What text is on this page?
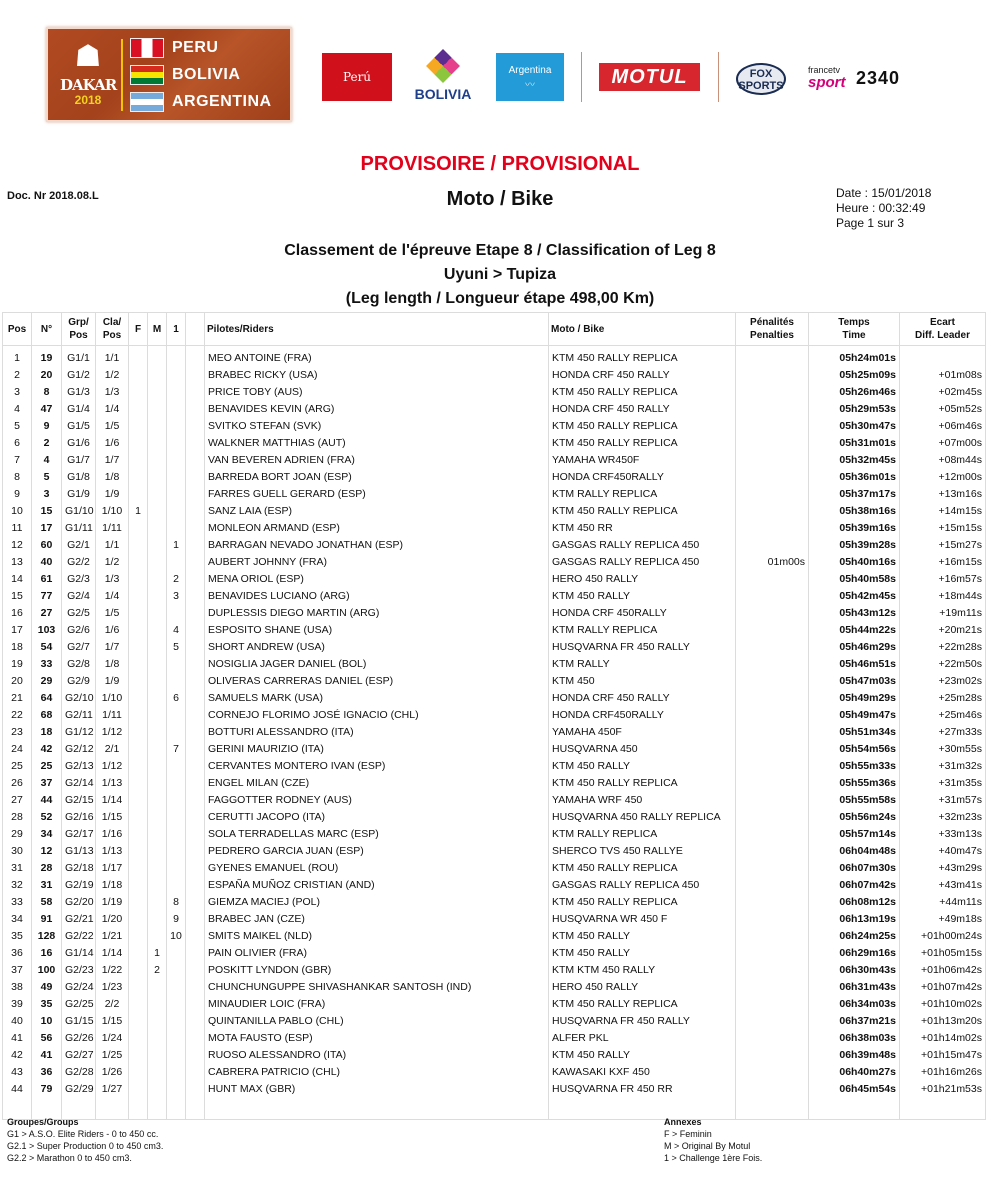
☗
DAKAR
2018
PERU
BOLIVIA
ARGENTINA
Perú
BOLIVIA
Argentina
〰	MOTUL	FOX SPORTS
francetv
sport 2340
PROVISOIRE / PROVISIONAL
Doc. Nr 2018.08.L	Moto / Bike	Date : 15/01/2018
Heure : 00:32:49
Page 1 sur 3
Classement de l'épreuve Etape 8 / Classification of Leg 8
Uyuni > Tupiza
(Leg length / Longueur étape 498,00 Km)
Pos	N°	
Grp/
Pos

Cla/
Pos
	F	M	1		Pilotes/Riders	Moto / Bike	
Pénalités
Penalties

Temps
Time

Ecart
Diff. Leader

1	19	G1/1	1/1					MEO ANTOINE (FRA)	KTM 450 RALLY REPLICA		05h24m01s	
2	20	G1/2	1/2					BRABEC RICKY (USA)	HONDA CRF 450 RALLY		05h25m09s	+01m08s
3	8	G1/3	1/3					PRICE TOBY (AUS)	KTM 450 RALLY REPLICA		05h26m46s	+02m45s
4	47	G1/4	1/4					BENAVIDES KEVIN (ARG)	HONDA CRF 450 RALLY		05h29m53s	+05m52s
5	9	G1/5	1/5					SVITKO STEFAN (SVK)	KTM 450 RALLY REPLICA		05h30m47s	+06m46s
6	2	G1/6	1/6					WALKNER MATTHIAS (AUT)	KTM 450 RALLY REPLICA		05h31m01s	+07m00s
7	4	G1/7	1/7					VAN BEVEREN ADRIEN (FRA)	YAMAHA WR450F		05h32m45s	+08m44s
8	5	G1/8	1/8					BARREDA BORT JOAN (ESP)	HONDA CRF450RALLY		05h36m01s	+12m00s
9	3	G1/9	1/9					FARRES GUELL GERARD (ESP)	KTM RALLY REPLICA		05h37m17s	+13m16s
10	15	G1/10	1/10	1				SANZ LAIA (ESP)	KTM 450 RALLY REPLICA		05h38m16s	+14m15s
11	17	G1/11	1/11					MONLEON ARMAND (ESP)	KTM 450 RR		05h39m16s	+15m15s
12	60	G2/1	1/1			1		BARRAGAN NEVADO JONATHAN (ESP)	GASGAS RALLY REPLICA 450		05h39m28s	+15m27s
13	40	G2/2	1/2					AUBERT JOHNNY (FRA)	GASGAS RALLY REPLICA 450	01m00s	05h40m16s	+16m15s
14	61	G2/3	1/3			2		MENA ORIOL (ESP)	HERO 450 RALLY		05h40m58s	+16m57s
15	77	G2/4	1/4			3		BENAVIDES LUCIANO (ARG)	KTM 450 RALLY		05h42m45s	+18m44s
16	27	G2/5	1/5					DUPLESSIS DIEGO MARTIN (ARG)	HONDA CRF 450RALLY		05h43m12s	+19m11s
17	103	G2/6	1/6			4		ESPOSITO SHANE (USA)	KTM RALLY REPLICA		05h44m22s	+20m21s
18	54	G2/7	1/7			5		SHORT ANDREW (USA)	HUSQVARNA FR 450 RALLY		05h46m29s	+22m28s
19	33	G2/8	1/8					NOSIGLIA JAGER DANIEL (BOL)	KTM RALLY		05h46m51s	+22m50s
20	29	G2/9	1/9					OLIVERAS CARRERAS DANIEL (ESP)	KTM 450		05h47m03s	+23m02s
21	64	G2/10	1/10			6		SAMUELS MARK (USA)	HONDA CRF 450 RALLY		05h49m29s	+25m28s
22	68	G2/11	1/11					CORNEJO FLORIMO JOSÉ IGNACIO (CHL)	HONDA CRF450RALLY		05h49m47s	+25m46s
23	18	G1/12	1/12					BOTTURI ALESSANDRO (ITA)	YAMAHA 450F		05h51m34s	+27m33s
24	42	G2/12	2/1			7		GERINI MAURIZIO (ITA)	HUSQVARNA 450		05h54m56s	+30m55s
25	25	G2/13	1/12					CERVANTES MONTERO IVAN (ESP)	KTM 450 RALLY		05h55m33s	+31m32s
26	37	G2/14	1/13					ENGEL MILAN (CZE)	KTM 450 RALLY REPLICA		05h55m36s	+31m35s
27	44	G2/15	1/14					FAGGOTTER RODNEY (AUS)	YAMAHA WRF 450		05h55m58s	+31m57s
28	52	G2/16	1/15					CERUTTI JACOPO (ITA)	HUSQVARNA 450 RALLY REPLICA		05h56m24s	+32m23s
29	34	G2/17	1/16					SOLA TERRADELLAS MARC (ESP)	KTM RALLY REPLICA		05h57m14s	+33m13s
30	12	G1/13	1/13					PEDRERO GARCIA JUAN (ESP)	SHERCO TVS 450 RALLYE		06h04m48s	+40m47s
31	28	G2/18	1/17					GYENES EMANUEL (ROU)	KTM 450 RALLY REPLICA		06h07m30s	+43m29s
32	31	G2/19	1/18					ESPAÑA MUÑOZ CRISTIAN (AND)	GASGAS RALLY REPLICA 450		06h07m42s	+43m41s
33	58	G2/20	1/19			8		GIEMZA MACIEJ (POL)	KTM 450 RALLY REPLICA		06h08m12s	+44m11s
34	91	G2/21	1/20			9		BRABEC JAN (CZE)	HUSQVARNA WR 450 F		06h13m19s	+49m18s
35	128	G2/22	1/21			10		SMITS MAIKEL (NLD)	KTM 450 RALLY		06h24m25s	+01h00m24s
36	16	G1/14	1/14		1			PAIN OLIVIER (FRA)	KTM 450 RALLY		06h29m16s	+01h05m15s
37	100	G2/23	1/22		2			POSKITT LYNDON (GBR)	KTM KTM 450 RALLY		06h30m43s	+01h06m42s
38	49	G2/24	1/23					CHUNCHUNGUPPE SHIVASHANKAR SANTOSH (IND)	HERO 450 RALLY		06h31m43s	+01h07m42s
39	35	G2/25	2/2					MINAUDIER LOIC (FRA)	KTM 450 RALLY REPLICA		06h34m03s	+01h10m02s
40	10	G1/15	1/15					QUINTANILLA PABLO (CHL)	HUSQVARNA FR 450 RALLY		06h37m21s	+01h13m20s
41	56	G2/26	1/24					MOTA FAUSTO (ESP)	ALFER PKL		06h38m03s	+01h14m02s
42	41	G2/27	1/25					RUOSO ALESSANDRO (ITA)	KTM 450 RALLY		06h39m48s	+01h15m47s
43	36	G2/28	1/26					CABRERA PATRICIO (CHL)	KAWASAKI KXF 450		06h40m27s	+01h16m26s
44	79	G2/29	1/27					HUNT MAX (GBR)	HUSQVARNA FR 450 RR		06h45m54s	+01h21m53s

Groupes/Groups
G1 > A.S.O. Elite Riders - 0 to 450 cc.
G2.1 > Super Production 0 to 450 cm3.
G2.2 > Marathon 0 to 450 cm3.
Annexes
F > Feminin
M > Original By Motul
1 > Challenge 1ère Fois.
